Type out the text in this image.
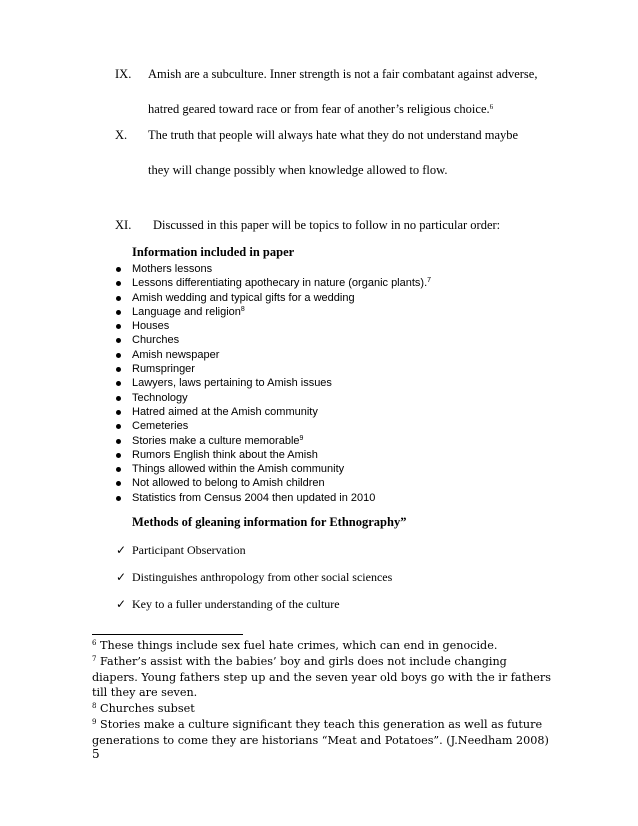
IX. Amish are a subculture. Inner strength is not a fair combatant against adverse,
hatred geared toward race or from fear of another’s religious choice.$^6$
X. The truth that people will always hate what they do not understand maybe
they will change possibly when knowledge allowed to flow.
XI. Discussed in this paper will be topics to follow in no particular order:
Information included in paper
Mothers lessons
Lessons differentiating apothecary in nature (organic plants).$^7$
Amish wedding and typical gifts for a wedding
Language and religion$^8$
Houses
Churches
Amish newspaper
Rumspringer
Lawyers, laws pertaining to Amish issues
Technology
Hatred aimed at the Amish community
Cemeteries
Stories make a culture memorable$^9$
Rumors English think about the Amish
Things allowed within the Amish community
Not allowed to belong to Amish children
Statistics from Census 2004 then updated in 2010
Methods of gleaning information for Ethnography”
✓ Participant Observation
✓ Distinguishes anthropology from other social sciences
✓ Key to a fuller understanding of the culture

$^6$ These things include sex fuel hate crimes, which can end in genocide.

$^7$ Father’s assist with the babies’ boy and girls does not include changing diapers. Young fathers step up and the seven year old boys go with the ir fathers till they are seven.

$^8$ Churches subset

$^9$ Stories make a culture significant they teach this generation as well as future generations to come they are historians “Meat and Potatoes”. (J.Needham 2008)

5
